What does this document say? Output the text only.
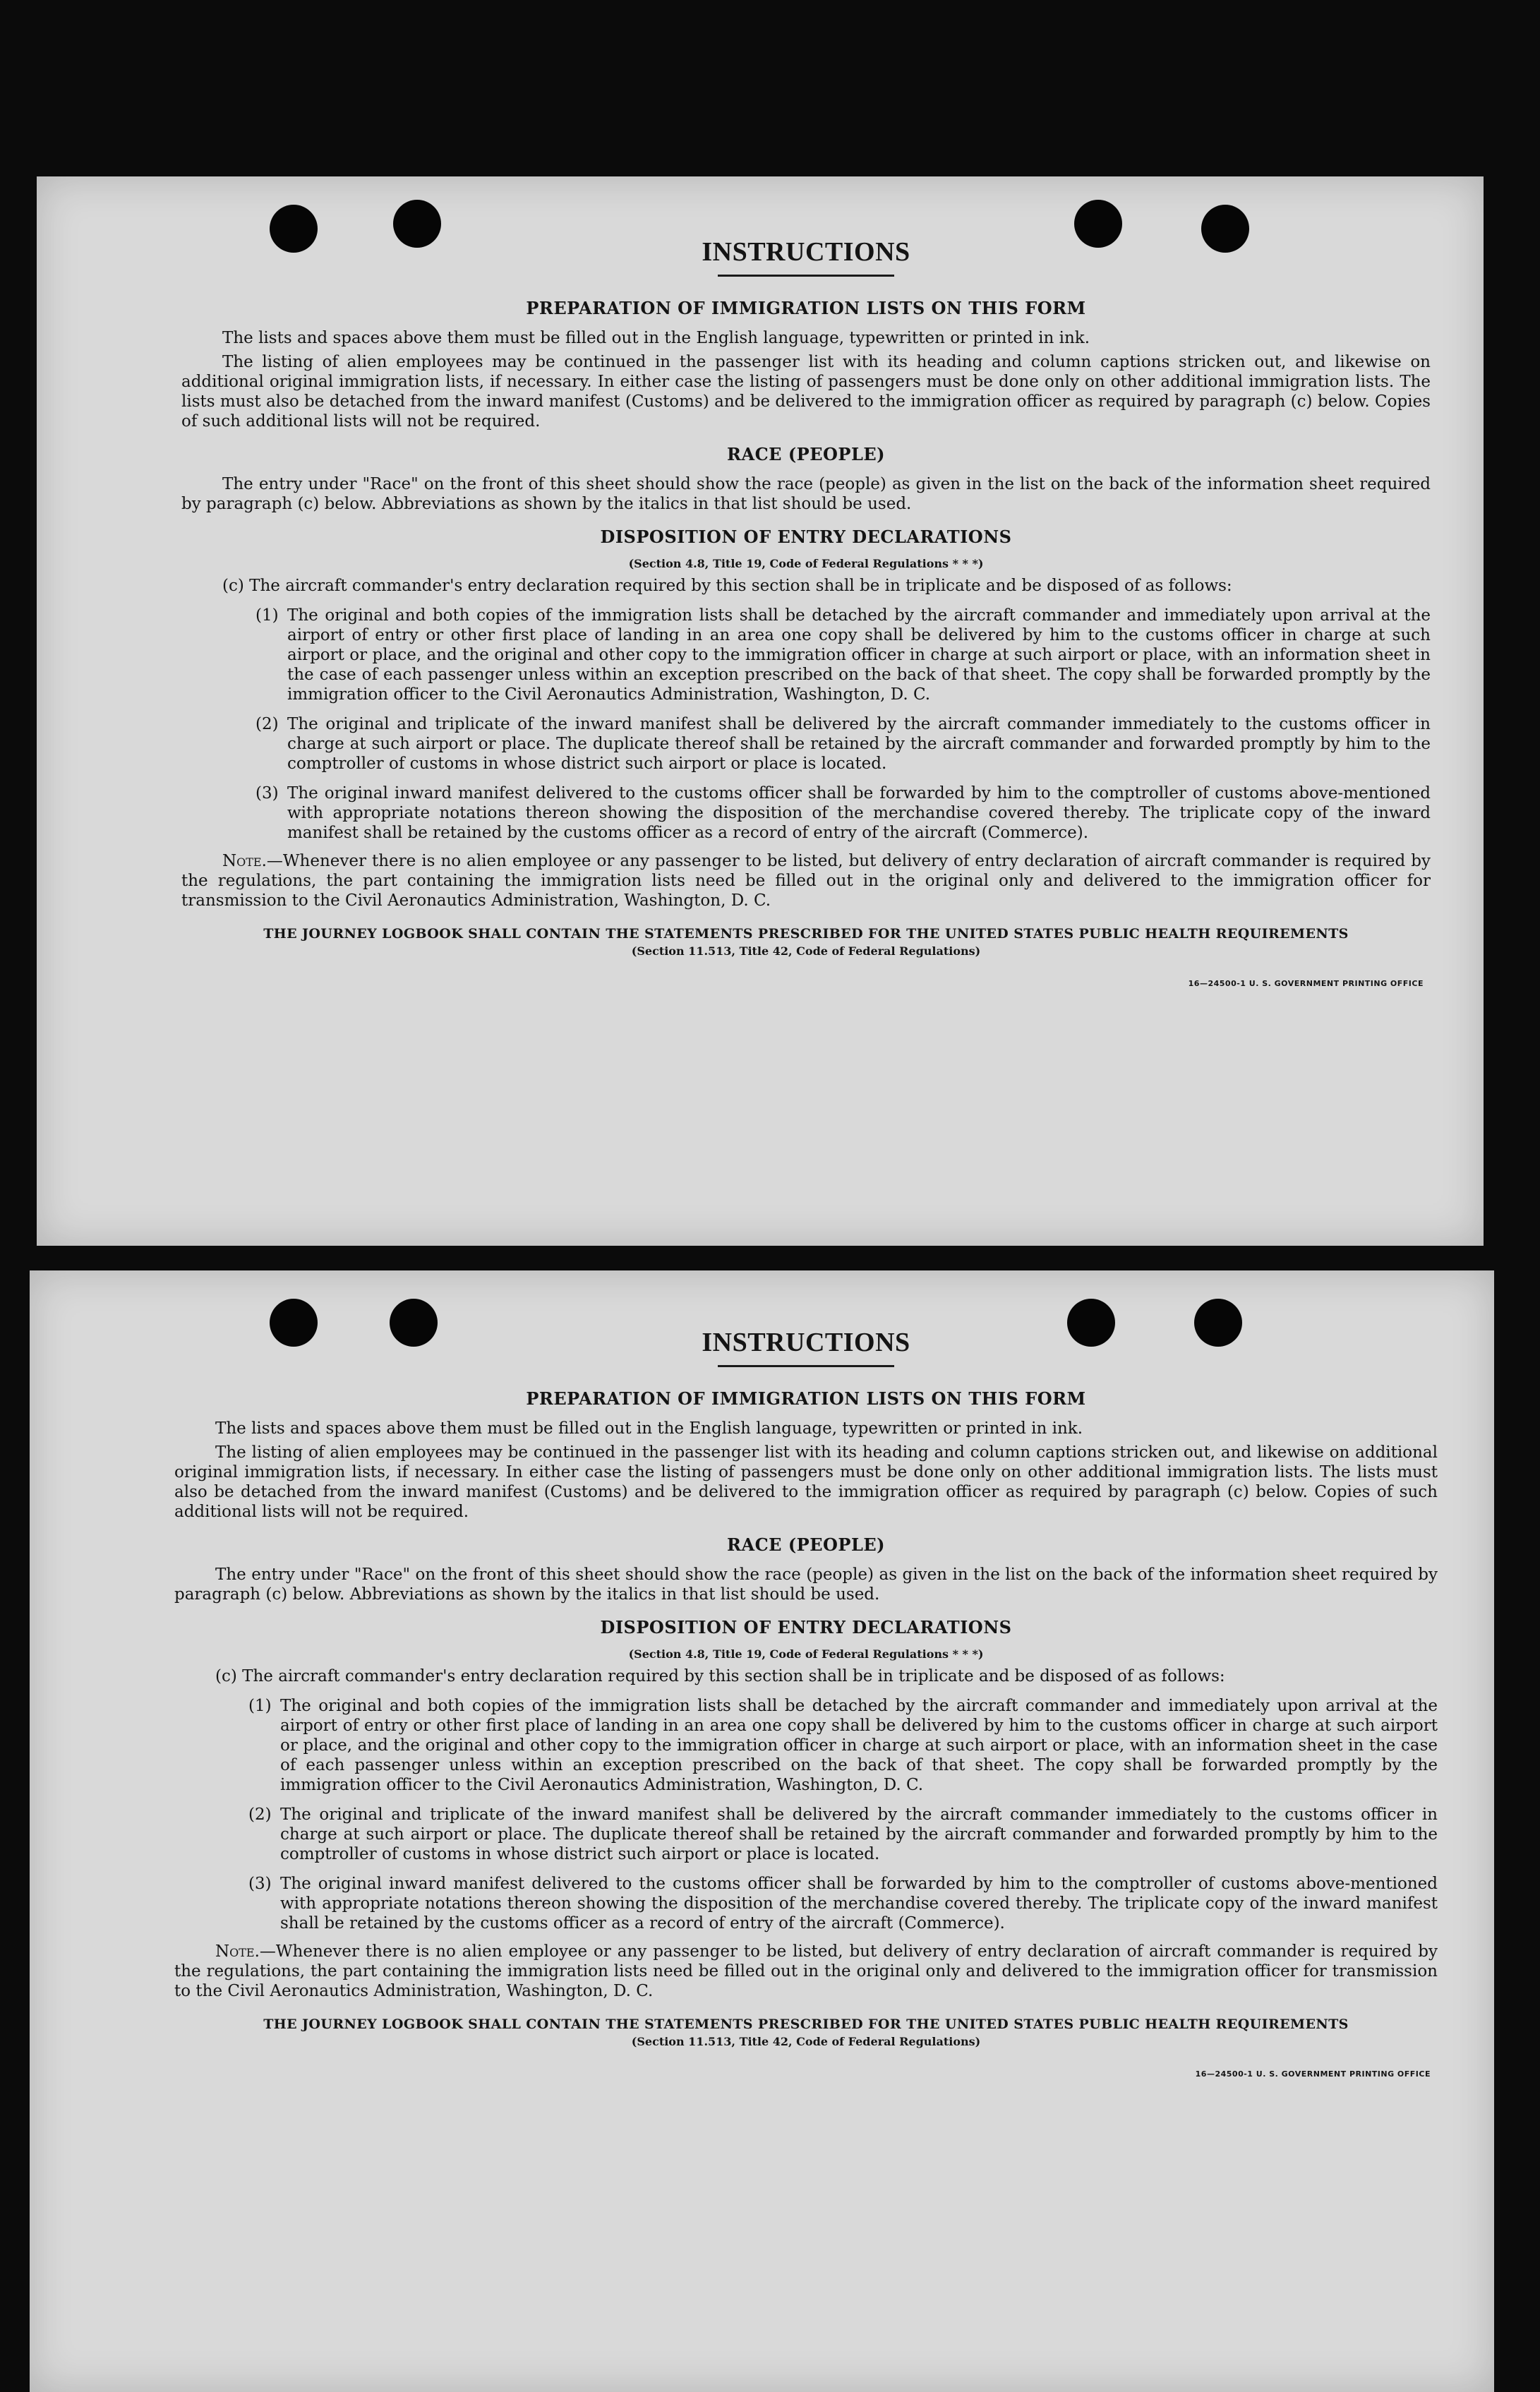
INSTRUCTIONS
PREPARATION OF IMMIGRATION LISTS ON THIS FORM

The lists and spaces above them must be filled out in the English language, typewritten or printed in ink.

The listing of alien employees may be continued in the passenger list with its heading and column captions stricken out, and likewise on additional original immigration lists, if necessary. In either case the listing of passengers must be done only on other additional immigration lists. The lists must also be detached from the inward manifest (Customs) and be delivered to the immigration officer as required by paragraph (c) below. Copies of such additional lists will not be required.

RACE (PEOPLE)

The entry under "Race" on the front of this sheet should show the race (people) as given in the list on the back of the information sheet required by paragraph (c) below. Abbreviations as shown by the italics in that list should be used.

DISPOSITION OF ENTRY DECLARATIONS
(Section 4.8, Title 19, Code of Federal Regulations * * *)

(c) The aircraft commander's entry declaration required by this section shall be in triplicate and be disposed of as follows:

(1) The original and both copies of the immigration lists shall be detached by the aircraft commander and immediately upon arrival at the airport of entry or other first place of landing in an area one copy shall be delivered by him to the customs officer in charge at such airport or place, and the original and other copy to the immigration officer in charge at such airport or place, with an information sheet in the case of each passenger unless within an exception prescribed on the back of that sheet. The copy shall be forwarded promptly by the immigration officer to the Civil Aeronautics Administration, Washington, D. C.
(2) The original and triplicate of the inward manifest shall be delivered by the aircraft commander immediately to the customs officer in charge at such airport or place. The duplicate thereof shall be retained by the aircraft commander and forwarded promptly by him to the comptroller of customs in whose district such airport or place is located.
(3) The original inward manifest delivered to the customs officer shall be forwarded by him to the comptroller of customs above-mentioned with appropriate notations thereon showing the disposition of the merchandise covered thereby. The triplicate copy of the inward manifest shall be retained by the customs officer as a record of entry of the aircraft (Commerce).

Note.—Whenever there is no alien employee or any passenger to be listed, but delivery of entry declaration of aircraft commander is required by the regulations, the part containing the immigration lists need be filled out in the original only and delivered to the immigration officer for transmission to the Civil Aeronautics Administration, Washington, D. C.

THE JOURNEY LOGBOOK SHALL CONTAIN THE STATEMENTS PRESCRIBED FOR THE UNITED STATES PUBLIC HEALTH REQUIREMENTS
(Section 11.513, Title 42, Code of Federal Regulations)
16—24500-1 U. S. GOVERNMENT PRINTING OFFICE
INSTRUCTIONS
PREPARATION OF IMMIGRATION LISTS ON THIS FORM

The lists and spaces above them must be filled out in the English language, typewritten or printed in ink.

The listing of alien employees may be continued in the passenger list with its heading and column captions stricken out, and likewise on additional original immigration lists, if necessary. In either case the listing of passengers must be done only on other additional immigration lists. The lists must also be detached from the inward manifest (Customs) and be delivered to the immigration officer as required by paragraph (c) below. Copies of such additional lists will not be required.

RACE (PEOPLE)

The entry under "Race" on the front of this sheet should show the race (people) as given in the list on the back of the information sheet required by paragraph (c) below. Abbreviations as shown by the italics in that list should be used.

DISPOSITION OF ENTRY DECLARATIONS
(Section 4.8, Title 19, Code of Federal Regulations * * *)

(c) The aircraft commander's entry declaration required by this section shall be in triplicate and be disposed of as follows:

(1) The original and both copies of the immigration lists shall be detached by the aircraft commander and immediately upon arrival at the airport of entry or other first place of landing in an area one copy shall be delivered by him to the customs officer in charge at such airport or place, and the original and other copy to the immigration officer in charge at such airport or place, with an information sheet in the case of each passenger unless within an exception prescribed on the back of that sheet. The copy shall be forwarded promptly by the immigration officer to the Civil Aeronautics Administration, Washington, D. C.
(2) The original and triplicate of the inward manifest shall be delivered by the aircraft commander immediately to the customs officer in charge at such airport or place. The duplicate thereof shall be retained by the aircraft commander and forwarded promptly by him to the comptroller of customs in whose district such airport or place is located.
(3) The original inward manifest delivered to the customs officer shall be forwarded by him to the comptroller of customs above-mentioned with appropriate notations thereon showing the disposition of the merchandise covered thereby. The triplicate copy of the inward manifest shall be retained by the customs officer as a record of entry of the aircraft (Commerce).

Note.—Whenever there is no alien employee or any passenger to be listed, but delivery of entry declaration of aircraft commander is required by the regulations, the part containing the immigration lists need be filled out in the original only and delivered to the immigration officer for transmission to the Civil Aeronautics Administration, Washington, D. C.

THE JOURNEY LOGBOOK SHALL CONTAIN THE STATEMENTS PRESCRIBED FOR THE UNITED STATES PUBLIC HEALTH REQUIREMENTS
(Section 11.513, Title 42, Code of Federal Regulations)
16—24500-1 U. S. GOVERNMENT PRINTING OFFICE
